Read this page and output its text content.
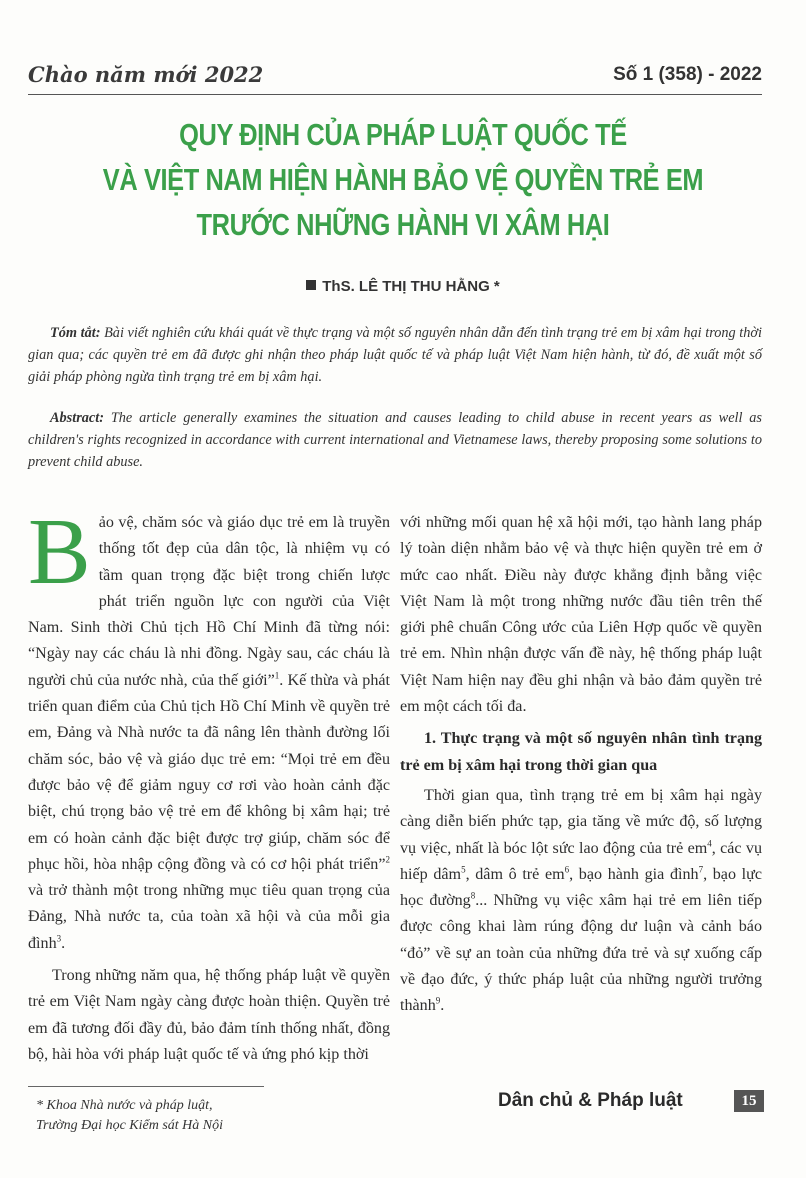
Chào năm mới 2022	Số 1 (358) - 2022
QUY ĐỊNH CỦA PHÁP LUẬT QUỐC TẾ
VÀ VIỆT NAM HIỆN HÀNH BẢO VỆ QUYỀN TRẺ EM
TRƯỚC NHỮNG HÀNH VI XÂM HẠI
ThS. LÊ THỊ THU HẰNG *
Tóm tắt: Bài viết nghiên cứu khái quát về thực trạng và một số nguyên nhân dẫn đến tình trạng trẻ em bị xâm hại trong thời gian qua; các quyền trẻ em đã được ghi nhận theo pháp luật quốc tế và pháp luật Việt Nam hiện hành, từ đó, đề xuất một số giải pháp phòng ngừa tình trạng trẻ em bị xâm hại.
Abstract: The article generally examines the situation and causes leading to child abuse in recent years as well as children's rights recognized in accordance with current international and Vietnamese laws, thereby proposing some solutions to prevent child abuse.

Bảo vệ, chăm sóc và giáo dục trẻ em là truyền thống tốt đẹp của dân tộc, là nhiệm vụ có tầm quan trọng đặc biệt trong chiến lược phát triển nguồn lực con người của Việt Nam. Sinh thời Chủ tịch Hồ Chí Minh đã từng nói: “Ngày nay các cháu là nhi đồng. Ngày sau, các cháu là người chủ của nước nhà, của thế giới”$^1$. Kế thừa và phát triển quan điểm của Chủ tịch Hồ Chí Minh về quyền trẻ em, Đảng và Nhà nước ta đã nâng lên thành đường lối chăm sóc, bảo vệ và giáo dục trẻ em: “Mọi trẻ em đều được bảo vệ để giảm nguy cơ rơi vào hoàn cảnh đặc biệt, chú trọng bảo vệ trẻ em để không bị xâm hại; trẻ em có hoàn cảnh đặc biệt được trợ giúp, chăm sóc để phục hồi, hòa nhập cộng đồng và có cơ hội phát triển”$^2$ và trở thành một trong những mục tiêu quan trọng của Đảng, Nhà nước ta, của toàn xã hội và của mỗi gia đình$^3$.

Trong những năm qua, hệ thống pháp luật về quyền trẻ em Việt Nam ngày càng được hoàn thiện. Quyền trẻ em đã tương đối đầy đủ, bảo đảm tính thống nhất, đồng bộ, hài hòa với pháp luật quốc tế và ứng phó kịp thời

với những mối quan hệ xã hội mới, tạo hành lang pháp lý toàn diện nhằm bảo vệ và thực hiện quyền trẻ em ở mức cao nhất. Điều này được khẳng định bằng việc Việt Nam là một trong những nước đầu tiên trên thế giới phê chuẩn Công ước của Liên Hợp quốc về quyền trẻ em. Nhìn nhận được vấn đề này, hệ thống pháp luật Việt Nam hiện nay đều ghi nhận và bảo đảm quyền trẻ em một cách tối đa.

1. Thực trạng và một số nguyên nhân tình trạng trẻ em bị xâm hại trong thời gian qua

Thời gian qua, tình trạng trẻ em bị xâm hại ngày càng diễn biến phức tạp, gia tăng về mức độ, số lượng vụ việc, nhất là bóc lột sức lao động của trẻ $em^4$, các vụ hiếp dâm$^5$, dâm ô trẻ $em^6$, bạo hành gia đình$^7$, bạo lực học đường$^8$... Những vụ việc xâm hại trẻ em liên tiếp được công khai làm rúng động dư luận và cảnh báo “đỏ” về sự an toàn của những đứa trẻ và sự xuống cấp về đạo đức, ý thức pháp luật của những người trưởng thành$^9$.

* Khoa Nhà nước và pháp luật,
Trường Đại học Kiểm sát Hà Nội
Dân chủ & Pháp luật	15
